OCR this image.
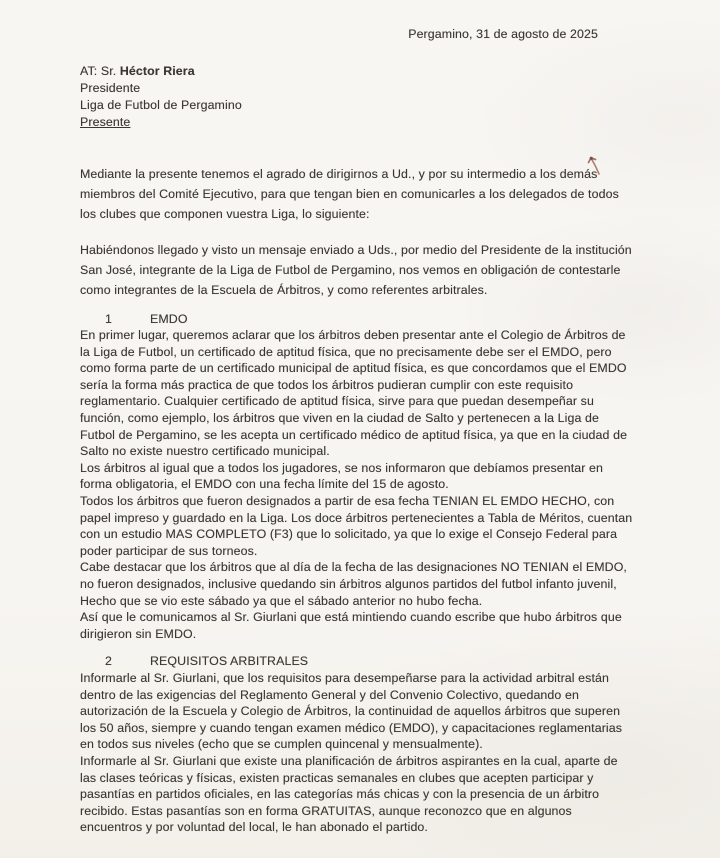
Pergamino, 31 de agosto de 2025
AT: Sr. Héctor Riera
Presidente
Liga de Futbol de Pergamino
Presente

Mediante la presente tenemos el agrado de dirigirnos a Ud., y por su intermedio a los demás miembros del Comité Ejecutivo, para que tengan bien en comunicarles a los delegados de todos los clubes que componen vuestra Liga, lo siguiente:

Habiéndonos llegado y visto un mensaje enviado a Uds., por medio del Presidente de la institución San José, integrante de la Liga de Futbol de Pergamino, nos vemos en obligación de contestarle como integrantes de la Escuela de Árbitros, y como referentes arbitrales.

1	EMDO

En primer lugar, queremos aclarar que los árbitros deben presentar ante el Colegio de Árbitros de la Liga de Futbol, un certificado de aptitud física, que no precisamente debe ser el EMDO, pero como forma parte de un certificado municipal de aptitud física, es que concordamos que el EMDO sería la forma más practica de que todos los árbitros pudieran cumplir con este requisito reglamentario. Cualquier certificado de aptitud física, sirve para que puedan desempeñar su función, como ejemplo, los árbitros que viven en la ciudad de Salto y pertenecen a la Liga de Futbol de Pergamino, se les acepta un certificado médico de aptitud física, ya que en la ciudad de Salto no existe nuestro certificado municipal.

Los árbitros al igual que a todos los jugadores, se nos informaron que debíamos presentar en forma obligatoria, el EMDO con una fecha límite del 15 de agosto.

Todos los árbitros que fueron designados a partir de esa fecha TENIAN EL EMDO HECHO, con papel impreso y guardado en la Liga. Los doce árbitros pertenecientes a Tabla de Méritos, cuentan con un estudio MAS COMPLETO (F3) que lo solicitado, ya que lo exige el Consejo Federal para poder participar de sus torneos.

Cabe destacar que los árbitros que al día de la fecha de las designaciones NO TENIAN el EMDO, no fueron designados, inclusive quedando sin árbitros algunos partidos del futbol infanto juvenil, Hecho que se vio este sábado ya que el sábado anterior no hubo fecha.

Así que le comunicamos al Sr. Giurlani que está mintiendo cuando escribe que hubo árbitros que dirigieron sin EMDO.

2	REQUISITOS ARBITRALES

Informarle al Sr. Giurlani, que los requisitos para desempeñarse para la actividad arbitral están dentro de las exigencias del Reglamento General y del Convenio Colectivo, quedando en autorización de la Escuela y Colegio de Árbitros, la continuidad de aquellos árbitros que superen los 50 años, siempre y cuando tengan examen médico (EMDO), y capacitaciones reglamentarias en todos sus niveles (echo que se cumplen quincenal y mensualmente).

Informarle al Sr. Giurlani que existe una planificación de árbitros aspirantes en la cual, aparte de las clases teóricas y físicas, existen practicas semanales en clubes que acepten participar y pasantías en partidos oficiales, en las categorías más chicas y con la presencia de un árbitro recibido. Estas pasantías son en forma GRATUITAS, aunque reconozco que en algunos encuentros y por voluntad del local, le han abonado el partido.
